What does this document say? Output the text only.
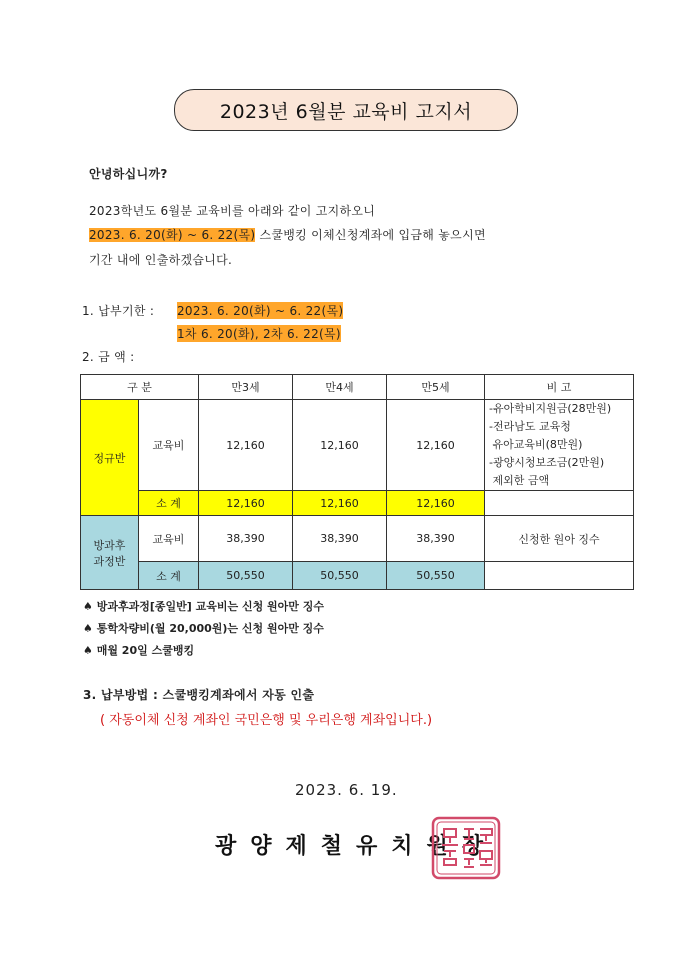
2023년 6월분 교육비 고지서
안녕하십니까?
2023학년도 6월분 교육비를 아래와 같이 고지하오니
2023. 6. 20(화) ~ 6. 22(목) 스쿨뱅킹 이체신청계좌에 입금해 놓으시면
기간 내에 인출하겠습니다.
1. 납부기한 : 2023. 6. 20(화) ~ 6. 22(목)
1차 6. 20(화), 2차 6. 22(목)
2. 금 액 :
구 분		만3세	만4세	만5세	비 고
정규반	교육비	12,160	12,160	12,160	-유아학비지원금(28만원)
-전라남도 교육청
유아교육비(8만원)
-광양시청보조금(2만원)
제외한 금액

	소 계	12,160	12,160	12,160	

방과후
과정반	교육비	38,390	38,390	38,390	신청한 원아 징수
	소 계	50,550	50,550	50,550	
♠ 방과후과정[종일반] 교육비는 신청 원아만 징수
♠ 통학차량비(월 20,000원)는 신청 원아만 징수
♠ 매월 20일 스쿨뱅킹
3. 납부방법 : 스쿨뱅킹계좌에서 자동 인출
( 자동이체 신청 계좌인 국민은행 및 우리은행 계좌입니다.)
2023. 6. 19.
광양제철유치원장
